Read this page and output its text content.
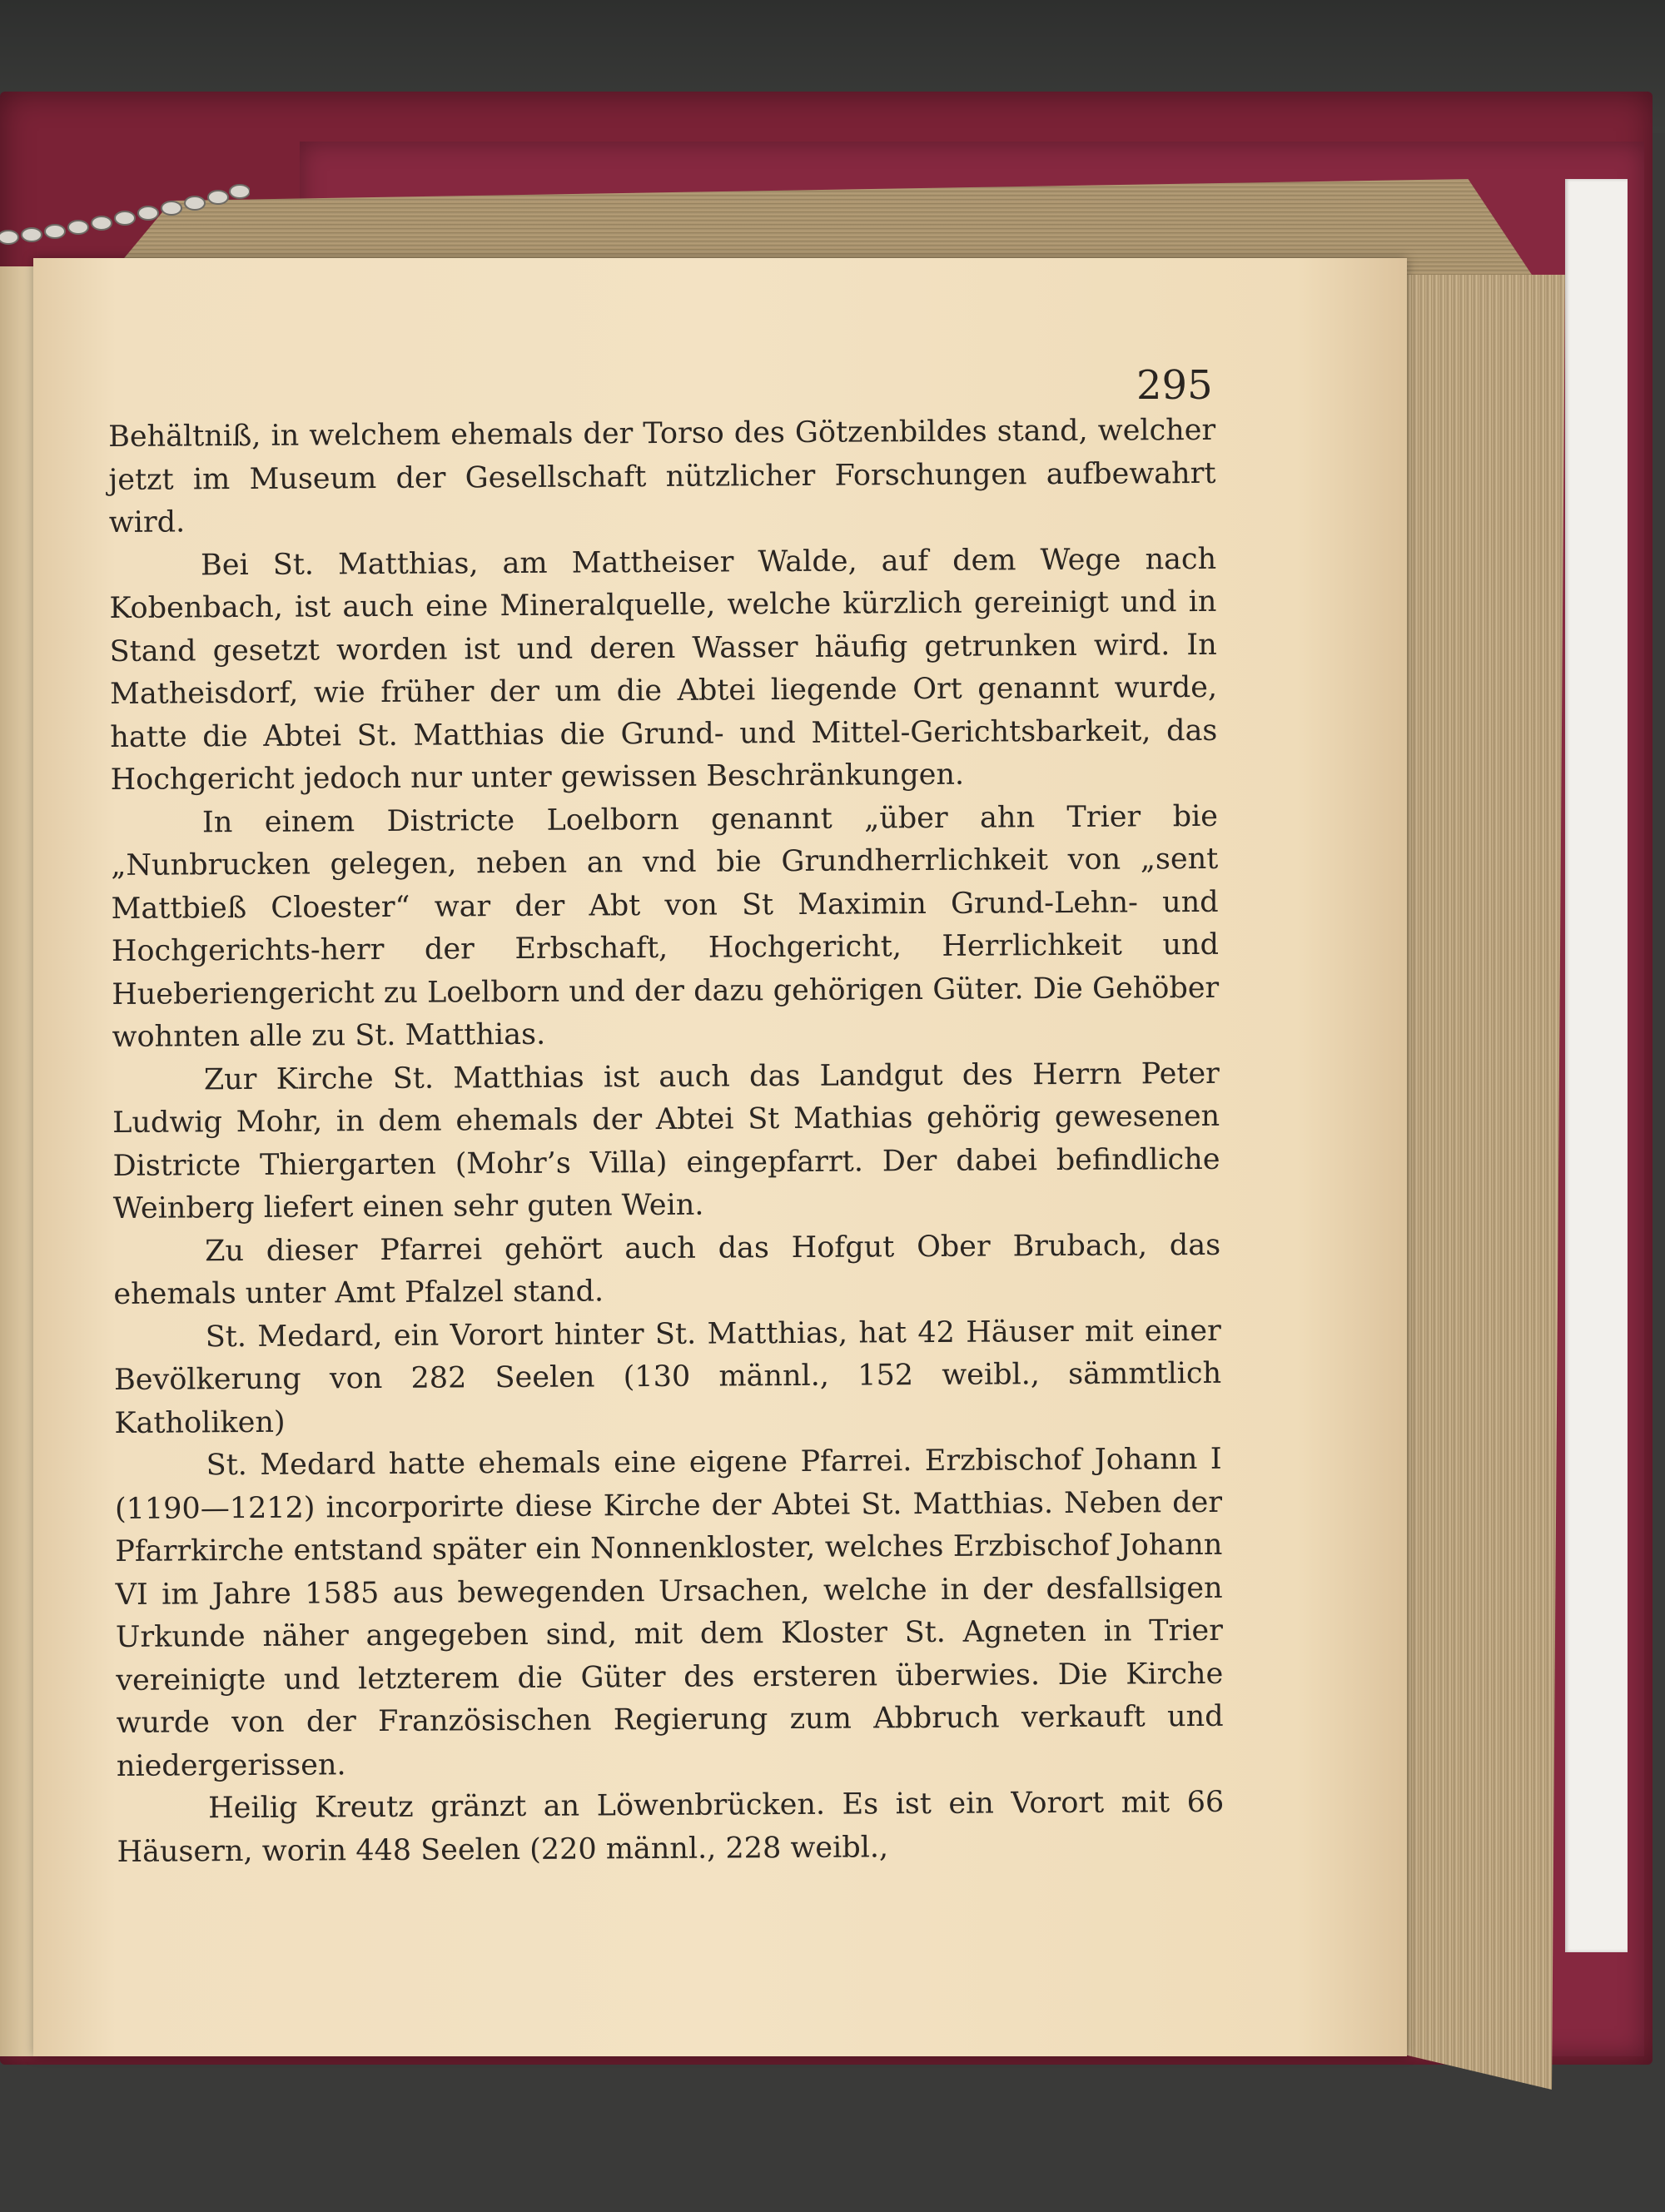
295

Behältniß, in welchem ehemals der Torso des Götzenbildes stand, welcher jetzt im Museum der Gesellschaft nützlicher Forschungen aufbewahrt wird.

Bei St. Matthias, am Mattheiser Walde, auf dem Wege nach Kobenbach, ist auch eine Mineralquelle, welche kürzlich gereinigt und in Stand gesetzt worden ist und deren Wasser häufig getrunken wird. In Matheisdorf, wie früher der um die Abtei liegende Ort genannt wurde, hatte die Abtei St. Matthias die Grund- und Mittel-Gerichtsbarkeit, das Hochgericht jedoch nur unter gewissen Beschränkungen.

In einem Districte Loelborn genannt „über ahn Trier bie „Nunbrucken gelegen, neben an vnd bie Grundherrlichkeit von „sent Mattbieß Cloester“ war der Abt von St Maximin Grund-Lehn- und Hochgerichts-herr der Erbschaft, Hochgericht, Herrlichkeit und Hueberiengericht zu Loelborn und der dazu gehörigen Güter. Die Gehöber wohnten alle zu St. Matthias.

Zur Kirche St. Matthias ist auch das Landgut des Herrn Peter Ludwig Mohr, in dem ehemals der Abtei St Mathias gehörig gewesenen Districte Thiergarten (Mohr’s Villa) eingepfarrt. Der dabei befindliche Weinberg liefert einen sehr guten Wein.

Zu dieser Pfarrei gehört auch das Hofgut Ober Brubach, das ehemals unter Amt Pfalzel stand.

St. Medard, ein Vorort hinter St. Matthias, hat 42 Häuser mit einer Bevölkerung von 282 Seelen (130 männl., 152 weibl., sämmtlich Katholiken)

St. Medard hatte ehemals eine eigene Pfarrei. Erzbischof Johann I (1190—1212) incorporirte diese Kirche der Abtei St. Matthias. Neben der Pfarrkirche entstand später ein Nonnenkloster, welches Erzbischof Johann VI im Jahre 1585 aus bewegenden Ursachen, welche in der desfallsigen Urkunde näher angegeben sind, mit dem Kloster St. Agneten in Trier vereinigte und letzterem die Güter des ersteren überwies. Die Kirche wurde von der Französischen Regierung zum Abbruch verkauft und niedergerissen.

Heilig Kreutz gränzt an Löwenbrücken. Es ist ein Vorort mit 66 Häusern, worin 448 Seelen (220 männl., 228 weibl.,
